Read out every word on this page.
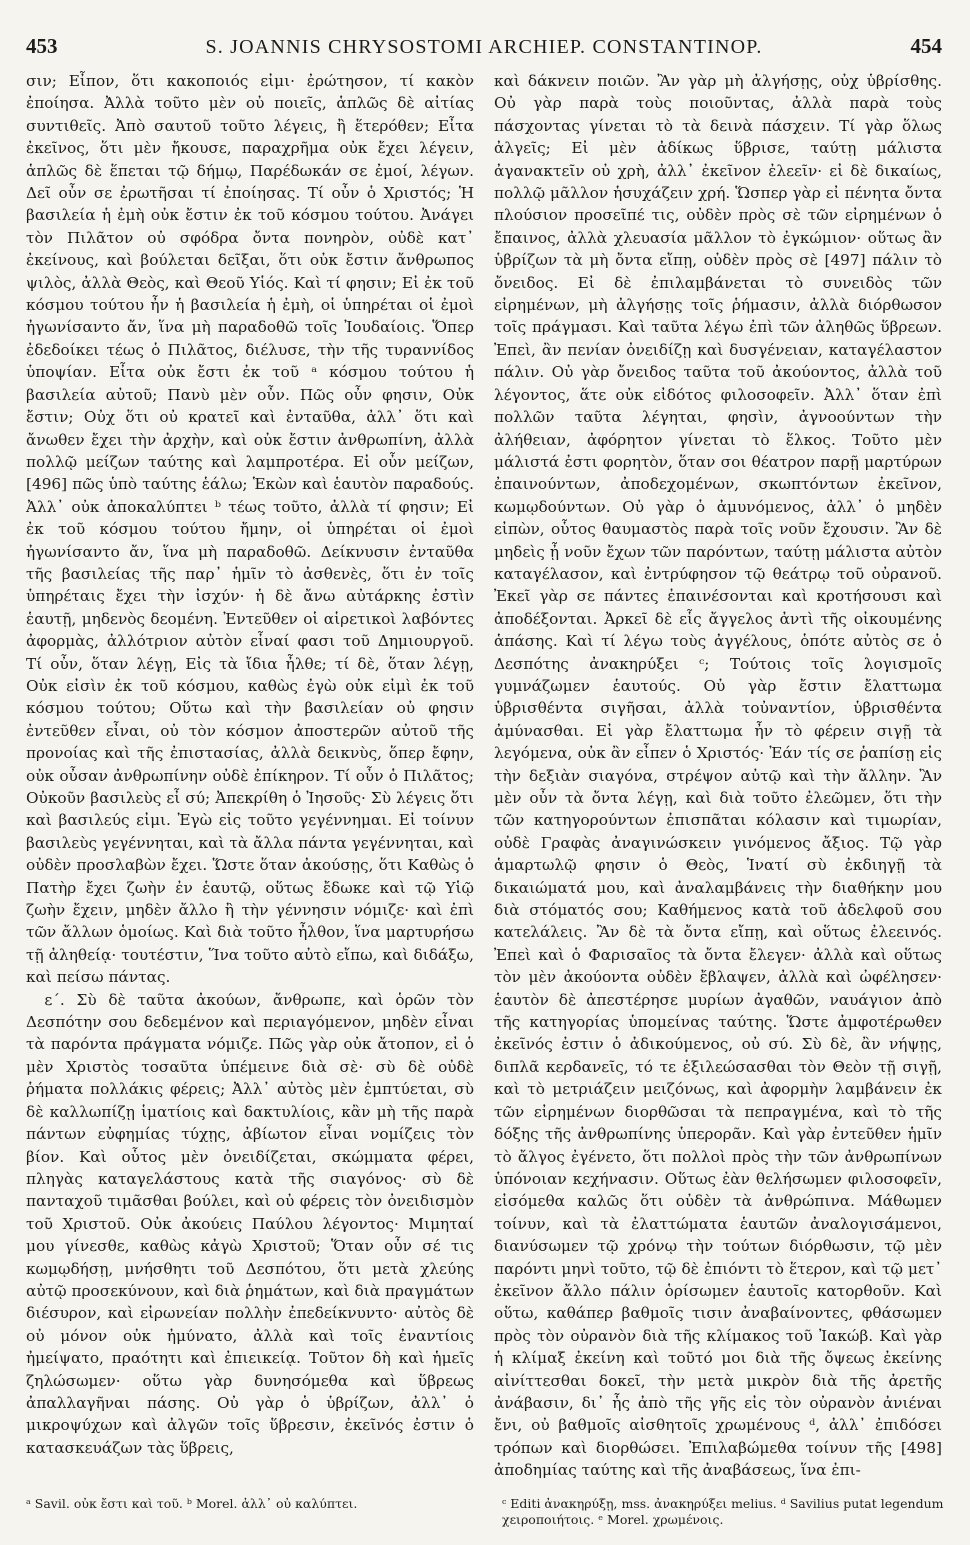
453	S. JOANNIS CHRYSOSTOMI ARCHIEP. CONSTANTINOP.	454

σιν; Εἶπον, ὅτι κακοποιός εἰμι· ἐρώτησον, τί κακὸν ἐποίησα. Ἀλλὰ τοῦτο μὲν οὐ ποιεῖς, ἁπλῶς δὲ αἰτίας συντιθεῖς. Ἀπὸ σαυτοῦ τοῦτο λέγεις, ἢ ἕτερόθεν; Εἶτα ἐκεῖνος, ὅτι μὲν ἤκουσε, παραχρῆμα οὐκ ἔχει λέγειν, ἁπλῶς δὲ ἕπεται τῷ δήμῳ, Παρέδωκάν σε ἐμοί, λέγων. Δεῖ οὖν σε ἐρωτῆσαι τί ἐποίησας. Τί οὖν ὁ Χριστός; Ἡ βασιλεία ἡ ἐμὴ οὐκ ἔστιν ἐκ τοῦ κόσμου τούτου. Ἀνάγει τὸν Πιλᾶτον οὐ σφόδρα ὄντα πονηρὸν, οὐδὲ κατ᾽ ἐκείνους, καὶ βούλεται δεῖξαι, ὅτι οὐκ ἔστιν ἄνθρωπος ψιλὸς, ἀλλὰ Θεὸς, καὶ Θεοῦ Υἱός. Καὶ τί φησιν; Εἰ ἐκ τοῦ κόσμου τούτου ἦν ἡ βασιλεία ἡ ἐμὴ, οἱ ὑπηρέται οἱ ἐμοὶ ἠγωνίσαντο ἄν, ἵνα μὴ παραδοθῶ τοῖς Ἰουδαίοις. Ὅπερ ἐδεδοίκει τέως ὁ Πιλᾶτος, διέλυσε, τὴν τῆς τυραννίδος ὑποψίαν. Εἶτα οὐκ ἔστι ἐκ τοῦ ᵃ κόσμου τούτου ἡ βασιλεία αὐτοῦ; Πανὺ μὲν οὖν. Πῶς οὖν φησιν, Οὐκ ἔστιν; Οὐχ ὅτι οὐ κρατεῖ καὶ ἐνταῦθα, ἀλλ᾽ ὅτι καὶ ἄνωθεν ἔχει τὴν ἀρχὴν, καὶ οὐκ ἔστιν ἀνθρωπίνη, ἀλλὰ πολλῷ μείζων ταύτης καὶ λαμπροτέρα. Εἰ οὖν μείζων, [496] πῶς ὑπὸ ταύτης ἑάλω; Ἑκὼν καὶ ἑαυτὸν παραδούς. Ἀλλ᾽ οὐκ ἀποκαλύπτει ᵇ τέως τοῦτο, ἀλλὰ τί φησιν; Εἰ ἐκ τοῦ κόσμου τούτου ἤμην, οἱ ὑπηρέται οἱ ἐμοὶ ἠγωνίσαντο ἄν, ἵνα μὴ παραδοθῶ. Δείκνυσιν ἐνταῦθα τῆς βασιλείας τῆς παρ᾽ ἡμῖν τὸ ἀσθενὲς, ὅτι ἐν τοῖς ὑπηρέταις ἔχει τὴν ἰσχύν· ἡ δὲ ἄνω αὐτάρκης ἐστὶν ἑαυτῇ, μηδενὸς δεομένη. Ἐντεῦθεν οἱ αἱρετικοὶ λαβόντες ἀφορμὰς, ἀλλότριον αὐτὸν εἶναί φασι τοῦ Δημιουργοῦ. Τί οὖν, ὅταν λέγῃ, Εἰς τὰ ἴδια ἦλθε; τί δὲ, ὅταν λέγῃ, Οὐκ εἰσὶν ἐκ τοῦ κόσμου, καθὼς ἐγὼ οὐκ εἰμὶ ἐκ τοῦ κόσμου τούτου; Οὕτω καὶ τὴν βασιλείαν οὐ φησιν ἐντεῦθεν εἶναι, οὐ τὸν κόσμον ἀποστερῶν αὐτοῦ τῆς προνοίας καὶ τῆς ἐπιστασίας, ἀλλὰ δεικνὺς, ὅπερ ἔφην, οὐκ οὖσαν ἀνθρωπίνην οὐδὲ ἐπίκηρον. Τί οὖν ὁ Πιλᾶτος; Οὐκοῦν βασιλεὺς εἶ σύ; Ἀπεκρίθη ὁ Ἰησοῦς· Σὺ λέγεις ὅτι καὶ βασιλεύς εἰμι. Ἐγὼ εἰς τοῦτο γεγέννημαι. Εἰ τοίνυν βασιλεὺς γεγέννηται, καὶ τὰ ἄλλα πάντα γεγέννηται, καὶ οὐδὲν προσλαβὼν ἔχει. Ὥστε ὅταν ἀκούσῃς, ὅτι Καθὼς ὁ Πατὴρ ἔχει ζωὴν ἐν ἑαυτῷ, οὕτως ἔδωκε καὶ τῷ Υἱῷ ζωὴν ἔχειν, μηδὲν ἄλλο ἢ τὴν γέννησιν νόμιζε· καὶ ἐπὶ τῶν ἄλλων ὁμοίως. Καὶ διὰ τοῦτο ἦλθον, ἵνα μαρτυρήσω τῇ ἀληθείᾳ· τουτέστιν, Ἵνα τοῦτο αὐτὸ εἴπω, καὶ διδάξω, καὶ πείσω πάντας.

ε´. Σὺ δὲ ταῦτα ἀκούων, ἄνθρωπε, καὶ ὁρῶν τὸν Δεσπότην σου δεδεμένον καὶ περιαγόμενον, μηδὲν εἶναι τὰ παρόντα πράγματα νόμιζε. Πῶς γὰρ οὐκ ἄτοπον, εἰ ὁ μὲν Χριστὸς τοσαῦτα ὑπέμεινε διὰ σὲ· σὺ δὲ οὐδὲ ῥήματα πολλάκις φέρεις; Ἀλλ᾽ αὐτὸς μὲν ἐμπτύεται, σὺ δὲ καλλωπίζῃ ἱματίοις καὶ δακτυλίοις, κἂν μὴ τῆς παρὰ πάντων εὐφημίας τύχῃς, ἀβίωτον εἶναι νομίζεις τὸν βίον. Καὶ οὗτος μὲν ὀνειδίζεται, σκώμματα φέρει, πληγὰς καταγελάστους κατὰ τῆς σιαγόνος· σὺ δὲ πανταχοῦ τιμᾶσθαι βούλει, καὶ οὐ φέρεις τὸν ὀνειδισμὸν τοῦ Χριστοῦ. Οὐκ ἀκούεις Παύλου λέγοντος· Μιμηταί μου γίνεσθε, καθὼς κἀγὼ Χριστοῦ; Ὅταν οὖν σέ τις κωμῳδήσῃ, μνήσθητι τοῦ Δεσπότου, ὅτι μετὰ χλεύης αὐτῷ προσεκύνουν, καὶ διὰ ῥημάτων, καὶ διὰ πραγμάτων διέσυρον, καὶ εἰρωνείαν πολλὴν ἐπεδείκνυντο· αὐτὸς δὲ οὐ μόνον οὐκ ἠμύνατο, ἀλλὰ καὶ τοῖς ἐναντίοις ἠμείψατο, πραότητι καὶ ἐπιεικείᾳ. Τοῦτον δὴ καὶ ἡμεῖς ζηλώσωμεν· οὕτω γὰρ δυνησόμεθα καὶ ὕβρεως ἀπαλλαγῆναι πάσης. Οὐ γὰρ ὁ ὑβρίζων, ἀλλ᾽ ὁ μικροψύχων καὶ ἀλγῶν τοῖς ὕβρεσιν, ἐκεῖνός ἐστιν ὁ κατασκευάζων τὰς ὕβρεις,

καὶ δάκνειν ποιῶν. Ἂν γὰρ μὴ ἀλγήσῃς, οὐχ ὑβρίσθης. Οὐ γὰρ παρὰ τοὺς ποιοῦντας, ἀλλὰ παρὰ τοὺς πάσχοντας γίνεται τὸ τὰ δεινὰ πάσχειν. Τί γὰρ ὅλως ἀλγεῖς; Εἰ μὲν ἀδίκως ὕβρισε, ταύτῃ μάλιστα ἀγανακτεῖν οὐ χρὴ, ἀλλ᾽ ἐκεῖνον ἐλεεῖν· εἰ δὲ δικαίως, πολλῷ μᾶλλον ἡσυχάζειν χρή. Ὥσπερ γὰρ εἰ πένητα ὄντα πλούσιον προσεῖπέ τις, οὐδὲν πρὸς σὲ τῶν εἰρημένων ὁ ἔπαινος, ἀλλὰ χλευασία μᾶλλον τὸ ἐγκώμιον· οὕτως ἂν ὑβρίζων τὰ μὴ ὄντα εἴπῃ, οὐδὲν πρὸς σὲ [497] πάλιν τὸ ὄνειδος. Εἰ δὲ ἐπιλαμβάνεται τὸ συνειδὸς τῶν εἰρημένων, μὴ ἀλγήσῃς τοῖς ῥήμασιν, ἀλλὰ διόρθωσον τοῖς πράγμασι. Καὶ ταῦτα λέγω ἐπὶ τῶν ἀληθῶς ὕβρεων. Ἐπεὶ, ἂν πενίαν ὀνειδίζῃ καὶ δυσγένειαν, καταγέλαστον πάλιν. Οὐ γὰρ ὄνειδος ταῦτα τοῦ ἀκούοντος, ἀλλὰ τοῦ λέγοντος, ἅτε οὐκ εἰδότος φιλοσοφεῖν. Ἀλλ᾽ ὅταν ἐπὶ πολλῶν ταῦτα λέγηται, φησὶν, ἀγνοούντων τὴν ἀλήθειαν, ἀφόρητον γίνεται τὸ ἕλκος. Τοῦτο μὲν μάλιστά ἐστι φορητὸν, ὅταν σοι θέατρον παρῇ μαρτύρων ἐπαινούντων, ἀποδεχομένων, σκωπτόντων ἐκεῖνον, κωμῳδούντων. Οὐ γὰρ ὁ ἀμυνόμενος, ἀλλ᾽ ὁ μηδὲν εἰπὼν, οὗτος θαυμαστὸς παρὰ τοῖς νοῦν ἔχουσιν. Ἂν δὲ μηδεὶς ᾖ νοῦν ἔχων τῶν παρόντων, ταύτῃ μάλιστα αὐτὸν καταγέλασον, καὶ ἐντρύφησον τῷ θεάτρῳ τοῦ οὐρανοῦ. Ἐκεῖ γὰρ σε πάντες ἐπαινέσονται καὶ κροτήσουσι καὶ ἀποδέξονται. Ἀρκεῖ δὲ εἷς ἄγγελος ἀντὶ τῆς οἰκουμένης ἁπάσης. Καὶ τί λέγω τοὺς ἀγγέλους, ὁπότε αὐτὸς σε ὁ Δεσπότης ἀνακηρύξει ᶜ; Τούτοις τοῖς λογισμοῖς γυμνάζωμεν ἑαυτούς. Οὐ γὰρ ἔστιν ἔλαττωμα ὑβρισθέντα σιγῆσαι, ἀλλὰ τοὐναντίον, ὑβρισθέντα ἀμύνασθαι. Εἰ γὰρ ἔλαττωμα ἦν τὸ φέρειν σιγῇ τὰ λεγόμενα, οὐκ ἂν εἶπεν ὁ Χριστός· Ἐάν τίς σε ῥαπίσῃ εἰς τὴν δεξιὰν σιαγόνα, στρέψον αὐτῷ καὶ τὴν ἄλλην. Ἂν μὲν οὖν τὰ ὄντα λέγῃ, καὶ διὰ τοῦτο ἐλεῶμεν, ὅτι τὴν τῶν κατηγορούντων ἐπισπᾶται κόλασιν καὶ τιμωρίαν, οὐδὲ Γραφὰς ἀναγινώσκειν γινόμενος ἄξιος. Τῷ γὰρ ἁμαρτωλῷ φησιν ὁ Θεὸς, Ἱνατί σὺ ἐκδιηγῇ τὰ δικαιώματά μου, καὶ ἀναλαμβάνεις τὴν διαθήκην μου διὰ στόματός σου; Καθήμενος κατὰ τοῦ ἀδελφοῦ σου κατελάλεις. Ἂν δὲ τὰ ὄντα εἴπῃ, καὶ οὕτως ἐλεεινός. Ἐπεὶ καὶ ὁ Φαρισαῖος τὰ ὄντα ἔλεγεν· ἀλλὰ καὶ οὕτως τὸν μὲν ἀκούοντα οὐδὲν ἔβλαψεν, ἀλλὰ καὶ ὠφέλησεν· ἑαυτὸν δὲ ἀπεστέρησε μυρίων ἀγαθῶν, ναυάγιον ἀπὸ τῆς κατηγορίας ὑπομείνας ταύτης. Ὥστε ἀμφοτέρωθεν ἐκεῖνός ἐστιν ὁ ἀδικούμενος, οὐ σύ. Σὺ δὲ, ἂν νήψῃς, διπλᾶ κερδανεῖς, τό τε ἐξιλεώσασθαι τὸν Θεὸν τῇ σιγῇ, καὶ τὸ μετριάζειν μειζόνως, καὶ ἀφορμὴν λαμβάνειν ἐκ τῶν εἰρημένων διορθῶσαι τὰ πεπραγμένα, καὶ τὸ τῆς δόξης τῆς ἀνθρωπίνης ὑπερορᾶν. Καὶ γὰρ ἐντεῦθεν ἡμῖν τὸ ἄλγος ἐγένετο, ὅτι πολλοὶ πρὸς τὴν τῶν ἀνθρωπίνων ὑπόνοιαν κεχήνασιν. Οὕτως ἐὰν θελήσωμεν φιλοσοφεῖν, εἰσόμεθα καλῶς ὅτι οὐδὲν τὰ ἀνθρώπινα. Μάθωμεν τοίνυν, καὶ τὰ ἐλαττώματα ἑαυτῶν ἀναλογισάμενοι, διανύσωμεν τῷ χρόνῳ τὴν τούτων διόρθωσιν, τῷ μὲν παρόντι μηνὶ τοῦτο, τῷ δὲ ἐπιόντι τὸ ἕτερον, καὶ τῷ μετ᾽ ἐκεῖνον ἄλλο πάλιν ὁρίσωμεν ἑαυτοῖς κατορθοῦν. Καὶ οὕτω, καθάπερ βαθμοῖς τισιν ἀναβαίνοντες, φθάσωμεν πρὸς τὸν οὐρανὸν διὰ τῆς κλίμακος τοῦ Ἰακώβ. Καὶ γὰρ ἡ κλίμαξ ἐκείνη καὶ τοῦτό μοι διὰ τῆς ὄψεως ἐκείνης αἰνίττεσθαι δοκεῖ, τὴν μετὰ μικρὸν διὰ τῆς ἀρετῆς ἀνάβασιν, δι᾽ ἧς ἀπὸ τῆς γῆς εἰς τὸν οὐρανὸν ἀνιέναι ἔνι, οὐ βαθμοῖς αἰσθητοῖς χρωμένους ᵈ, ἀλλ᾽ ἐπιδόσει τρόπων καὶ διορθώσει. Ἐπιλαβώμεθα τοίνυν τῆς [498] ἀποδημίας ταύτης καὶ τῆς ἀναβάσεως, ἵνα ἐπι-

ᵃ Savil. οὐκ ἔστι καὶ τοῦ. ᵇ Morel. ἀλλ᾽ οὐ καλύπτει.	ᶜ Editi ἀνακηρύξῃ, mss. ἀνακηρύξει melius. ᵈ Savilius putat legendum χειροποιήτοις. ᵉ Morel. χρωμένοις.
